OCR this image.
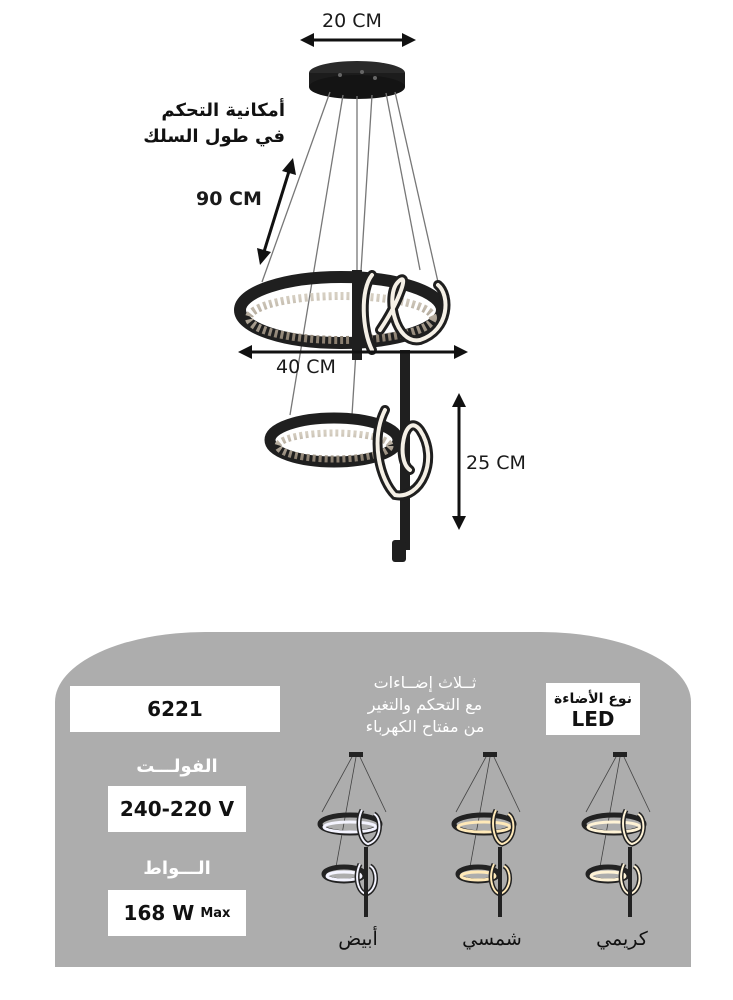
20 CM
90 CM
40 CM
25 CM
أمكانية التحكم
في طول السلك
6221
الفولـــت
240-220 V
الـــواط
168 W Max
نوع الأضاءة
LED
ثــلاث إضــاءات
مع التحكم والتغير
من مفتاح الكهرباء
أبيض	شمسي	كريمي
